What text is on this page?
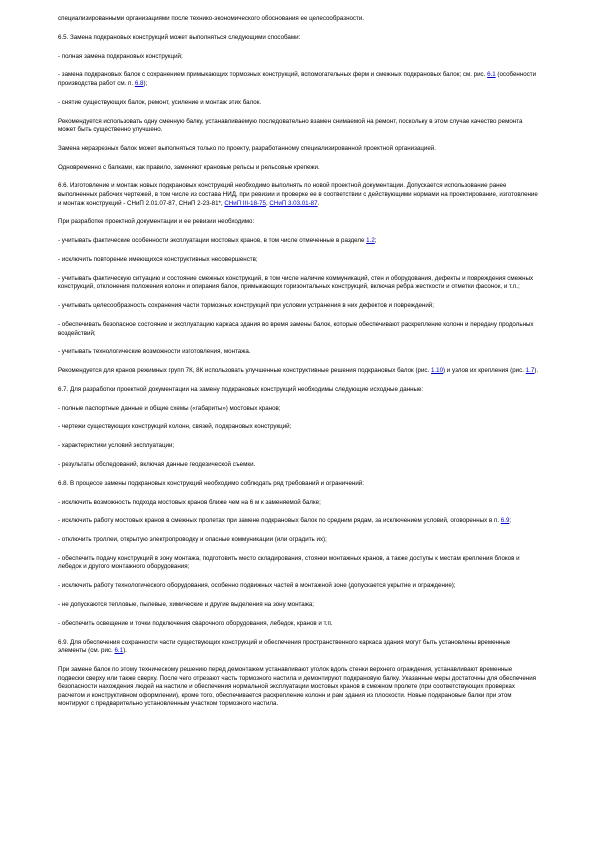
специализированными организациями после технико-экономического обоснования ее целесообразности.

6.5. Замена подкрановых конструкций может выполняться следующими способами:

- полная замена подкрановых конструкций;

- замена подкрановых балок с сохранением примыкающих тормозных конструкций, вспомогательных ферм и смежных подкрановых балок; см. рис. 6.1 (особенности производства работ см. п. 6.8);

- снятие существующих балок, ремонт, усиление и монтаж этих балок.

Рекомендуется использовать одну сменную балку, устанавливаемую последовательно взамен снимаемой на ремонт, поскольку в этом случае качество ремонта может быть существенно улучшено.

Замена неразрезных балок может выполняться только по проекту, разработанному специализированной проектной организацией.

Одновременно с балками, как правило, заменяют крановые рельсы и рельсовые крепежи.

6.6. Изготовление и монтаж новых подкрановых конструкций необходимо выполнять по новой проектной документации. Допускается использование ранее выполненных рабочих чертежей, в том числе из состава НИД, при ревизии и проверке ее в соответствии с действующими нормами на проектирование, изготовление и монтаж конструкций - СНиП 2.01.07-87, СНиП 2-23-81*, СНиП III-18-75, СНиП 3.03.01-87.

При разработке проектной документации и ее ревизии необходимо:

- учитывать фактические особенности эксплуатации мостовых кранов, в том числе отмеченные в разделе 1.2;

- исключить повторение имеющихся конструктивных несовершенств;

- учитывать фактическую ситуацию и состояние смежных конструкций, в том числе наличие коммуникаций, стен и оборудования, дефекты и повреждения смежных конструкций, отклонения положения колонн и опирания балок, примыкающих горизонтальных конструкций, включая ребра жесткости и отметки фасонок, и т.п.;

- учитывать целесообразность сохранения части тормозных конструкций при условии устранения в них дефектов и повреждений;

- обеспечивать безопасное состояние и эксплуатацию каркаса здания во время замены балок, которые обеспечивают раскрепление колонн и передачу продольных воздействий;

- учитывать технологические возможности изготовления, монтажа.

Рекомендуется для кранов режимных групп 7К, 8К использовать улучшенные конструктивные решения подкрановых балок (рис. 1.10) и узлов их крепления (рис. 1.7).

6.7. Для разработки проектной документации на замену подкрановых конструкций необходимы следующие исходные данные:

- полные паспортные данные и общие схемы («габариты») мостовых кранов;

- чертежи существующих конструкций колонн, связей, подкрановых конструкций;

- характеристики условий эксплуатации;

- результаты обследований, включая данные геодезической съемки.

6.8. В процессе замены подкрановых конструкций необходимо соблюдать ряд требований и ограничений:

- исключить возможность подхода мостовых кранов ближе чем на 6 м к заменяемой балке;

- исключить работу мостовых кранов в смежных пролетах при замене подкрановых балок по средним рядам, за исключением условий, оговоренных в п. 6.9;

- отключить троллеи, открытую электропроводку и опасные коммуникации (или оградить их);

- обеспечить подачу конструкций в зону монтажа, подготовить место складирования, стоянки монтажных кранов, а также доступы к местам крепления блоков и лебедок и другого монтажного оборудования;

- исключить работу технологического оборудования, особенно подвижных частей в монтажной зоне (допускается укрытие и ограждение);

- не допускаются тепловые, пылевые, химические и другие выделения на зону монтажа;

- обеспечить освещение и точки подключения сварочного оборудования, лебедок, кранов и т.п.

6.9. Для обеспечения сохранности части существующих конструкций и обеспечения пространственного каркаса здания могут быть установлены временные элементы (см. рис. 6.1).

При замене балок по этому техническому решению перед демонтажем устанавливают уголок вдоль стенки верхнего ограждения, устанавливают временные подвески сверху или также сверху. После чего отрезают часть тормозного настила и демонтируют подкрановую балку. Указанные меры достаточны для обеспечения безопасности нахождения людей на настиле и обеспечения нормальной эксплуатации мостовых кранов в смежном пролете (при соответствующих проверках расчетом и конструктивном оформлении), кроме того, обеспечивается раскрепление колонн и рам здания из плоскости. Новые подкрановые балки при этом монтируют с предварительно установленным участком тормозного настила.
